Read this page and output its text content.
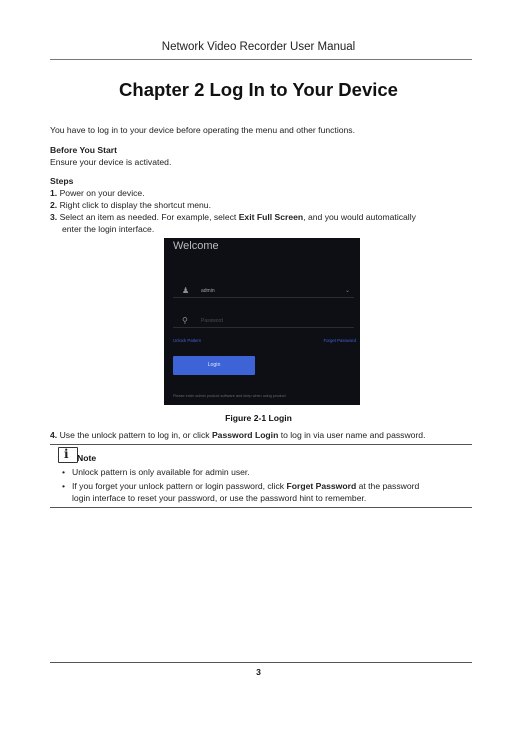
Network Video Recorder User Manual
Chapter 2 Log In to Your Device
You have to log in to your device before operating the menu and other functions.
Before You Start
Ensure your device is activated.
Steps
1. Power on your device.
2. Right click to display the shortcut menu.
3. Select an item as needed. For example, select Exit Full Screen, and you would automatically
enter the login interface.
Welcome
♟ admin	⌄
⚲	Password
Unlock Pattern	Forget Password
Login
Please enter admin product software and keep when using product.
Figure 2-1 Login
4. Use the unlock pattern to log in, or click Password Login to log in via user name and password.
i Note
• Unlock pattern is only available for admin user.
• If you forget your unlock pattern or login password, click Forget Password at the password
login interface to reset your password, or use the password hint to remember.
3
